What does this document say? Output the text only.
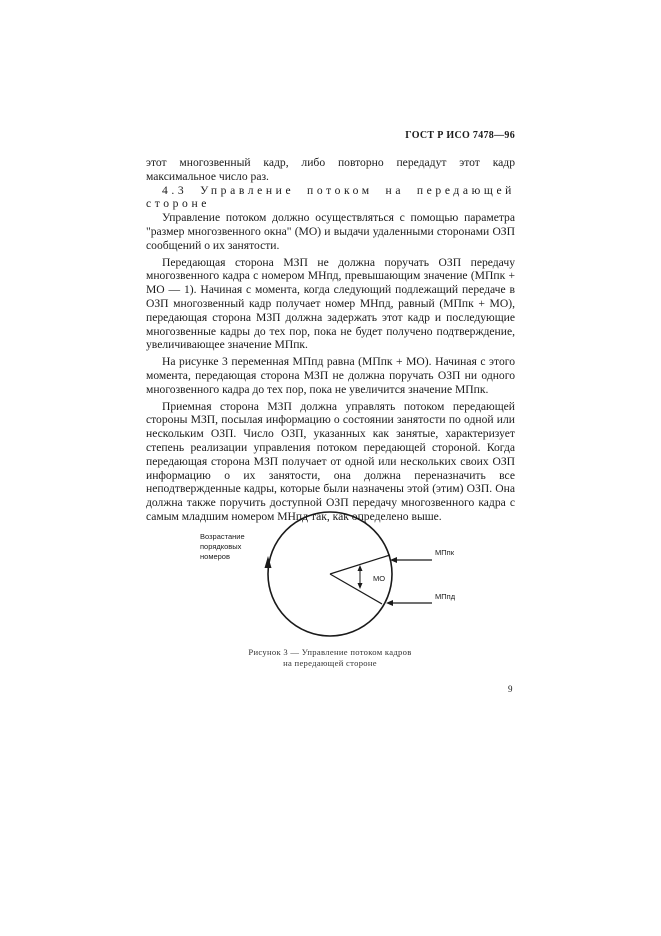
ГОСТ Р ИСО 7478—96

этот многозвенный кадр, либо повторно передадут этот кадр максимальное число раз.

4.3 Управление потоком на передающей стороне

Управление потоком должно осуществляться с помощью параметра "размер многозвенного окна" (МО) и выдачи удаленными сторонами ОЗП сообщений о их занятости.

Передающая сторона МЗП не должна поручать ОЗП передачу многозвенного кадра с номером МНпд, превышающим значение (МПпк + МО — 1). Начиная с момента, когда следующий подлежащий передаче в ОЗП многозвенный кадр получает номер МНпд, равный (МПпк + МО), передающая сторона МЗП должна задержать этот кадр и последующие многозвенные кадры до тех пор, пока не будет получено подтверждение, увеличивающее значение МПпк.

На рисунке 3 переменная МПпд равна (МПпк + МО). Начиная с этого момента, передающая сторона МЗП не должна поручать ОЗП ни одного многозвенного кадра до тех пор, пока не увеличится значение МПпк.

Приемная сторона МЗП должна управлять потоком передающей стороны МЗП, посылая информацию о состоянии занятости по одной или нескольким ОЗП. Число ОЗП, указанных как занятые, характеризует степень реализации управления потоком передающей стороной. Когда передающая сторона МЗП получает от одной или нескольких своих ОЗП информацию о их занятости, она должна переназначить все неподтвержденные кадры, которые были назначены этой (этим) ОЗП. Она должна также поручить доступной ОЗП передачу многозвенного кадра с самым младшим номером МНпд так, как определено выше.

Возрастание
порядковых
номеров
МО
МПпк
МПпд
Рисунок 3 — Управление потоком кадров
на передающей стороне
9
